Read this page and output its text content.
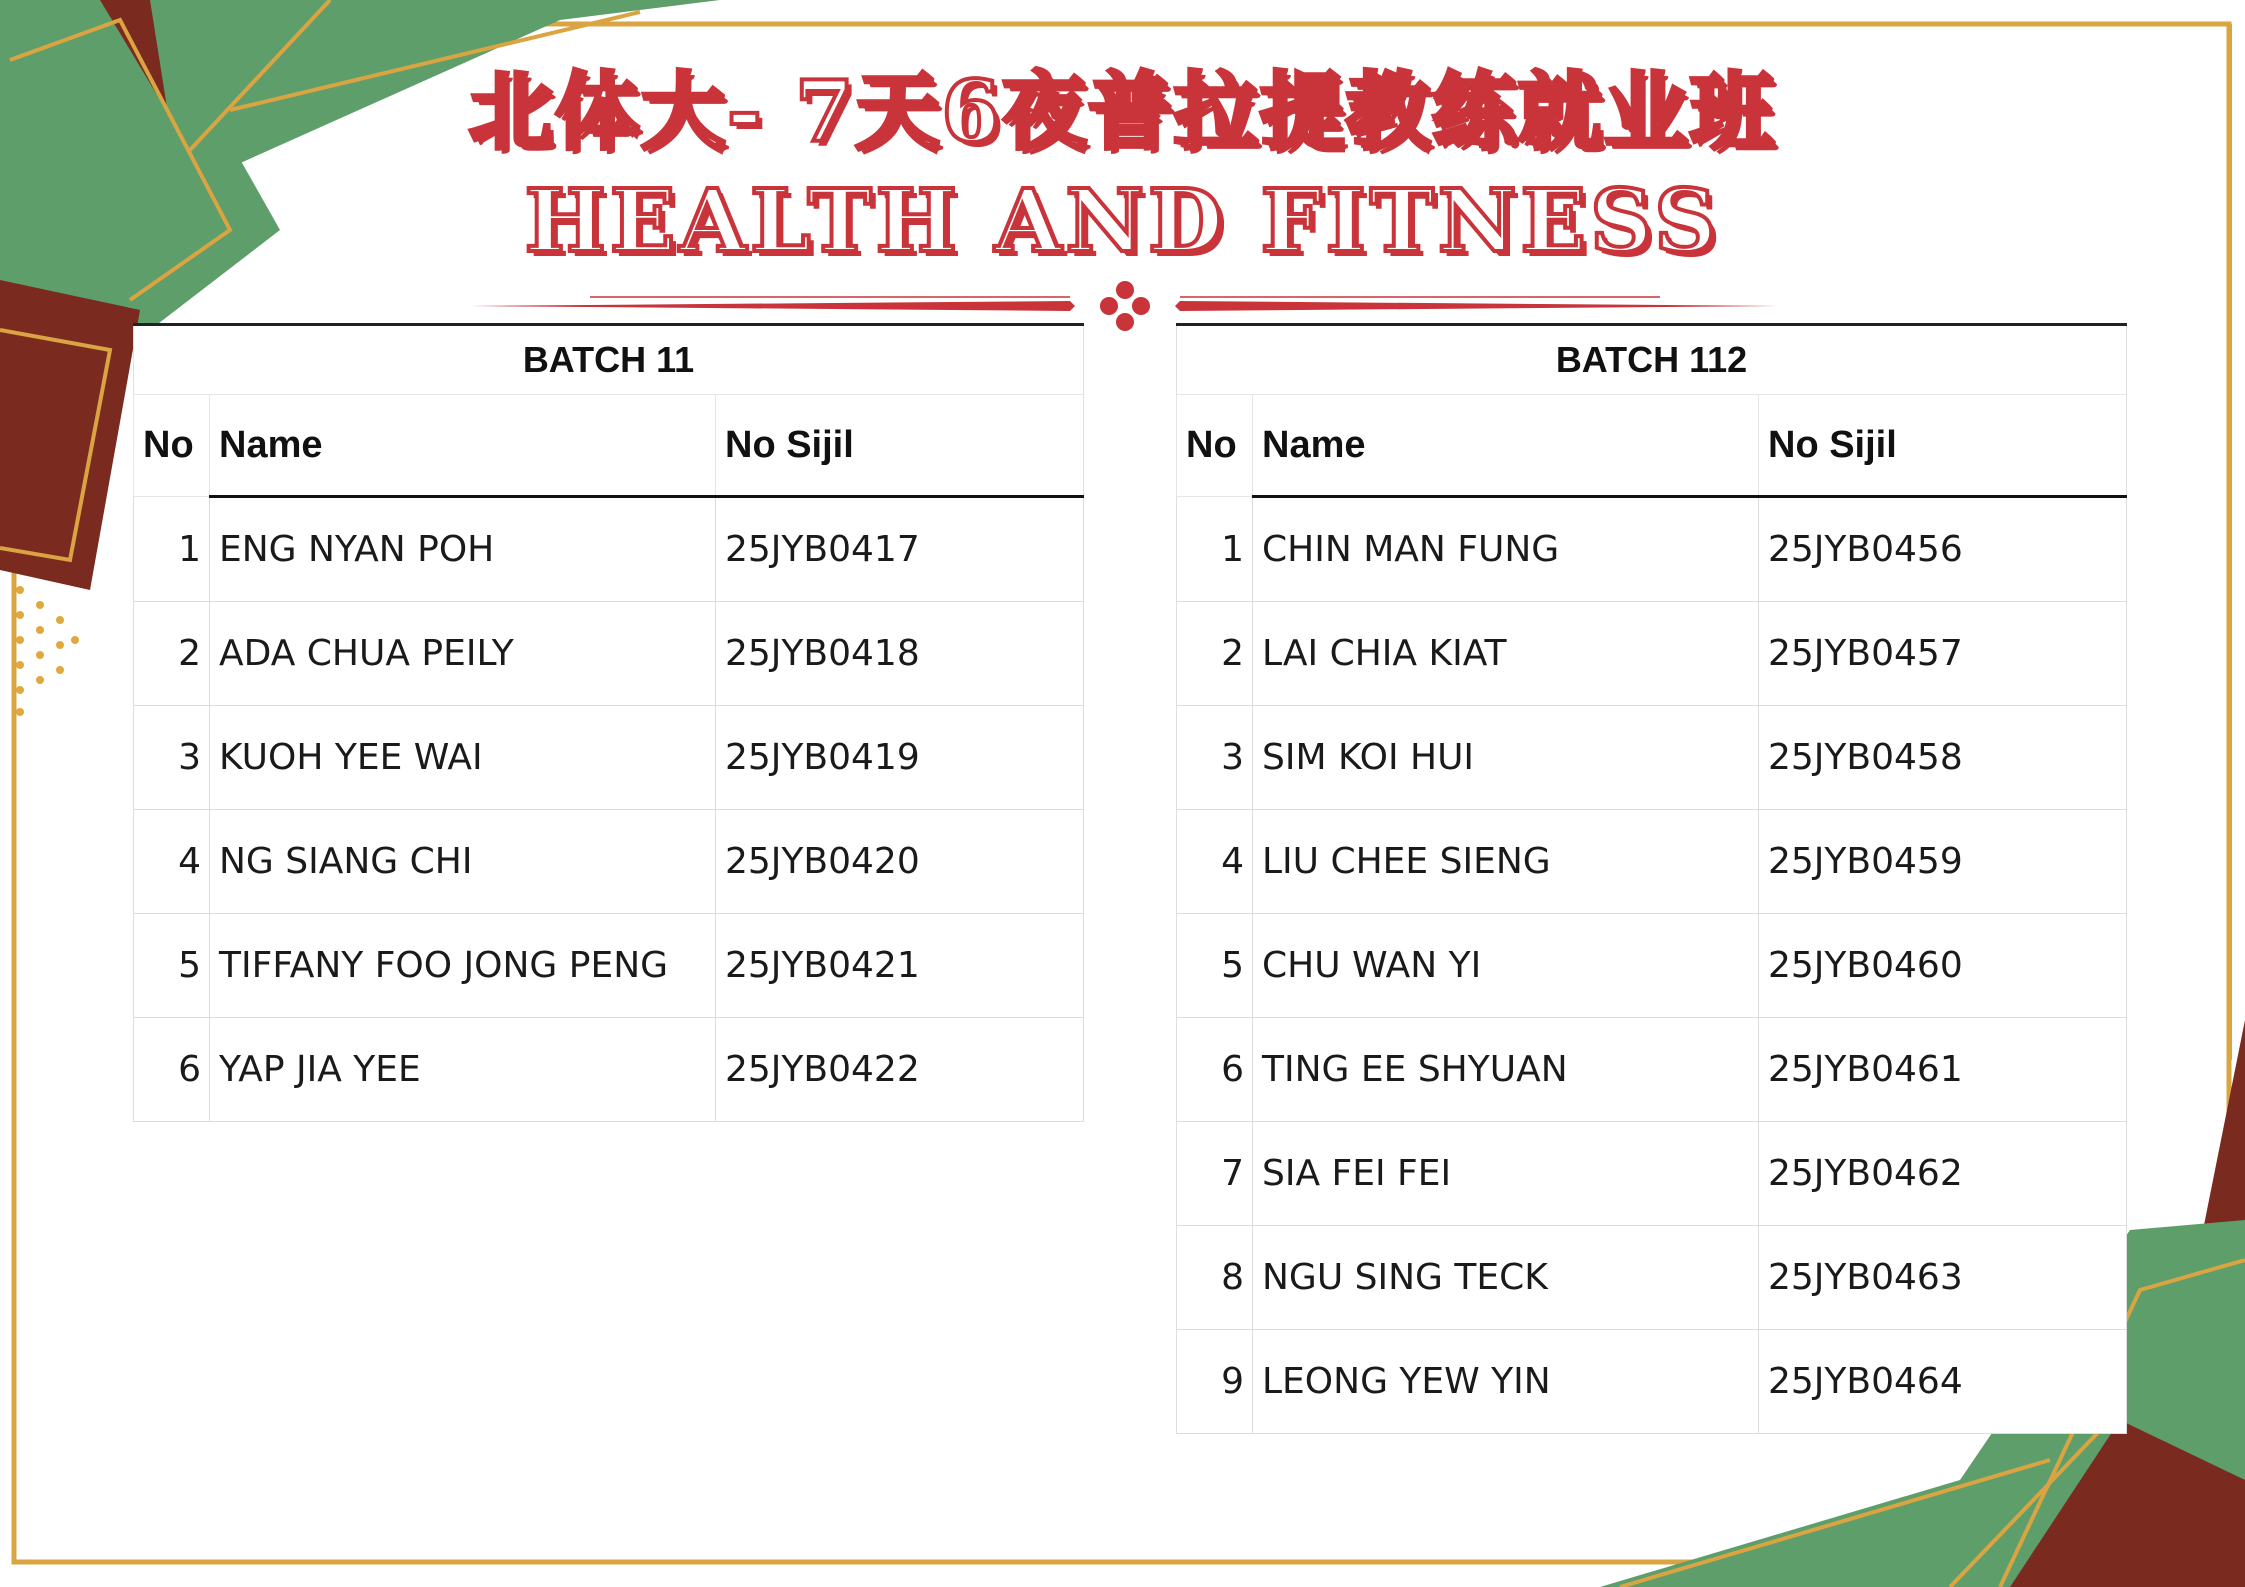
北体大- 7天6夜普拉提教练就业班
HEALTH AND FITNESS
BATCH 11		
No	Name	No Sijil
1	ENG NYAN POH	25JYB0417
2	ADA CHUA PEILY	25JYB0418
3	KUOH YEE WAI	25JYB0419
4	NG SIANG CHI	25JYB0420
5	TIFFANY FOO JONG PENG	25JYB0421
6	YAP JIA YEE	25JYB0422
BATCH 112		
No	Name	No Sijil
1	CHIN MAN FUNG	25JYB0456
2	LAI CHIA KIAT	25JYB0457
3	SIM KOI HUI	25JYB0458
4	LIU CHEE SIENG	25JYB0459
5	CHU WAN YI	25JYB0460
6	TING EE SHYUAN	25JYB0461
7	SIA FEI FEI	25JYB0462
8	NGU SING TECK	25JYB0463
9	LEONG YEW YIN	25JYB0464
